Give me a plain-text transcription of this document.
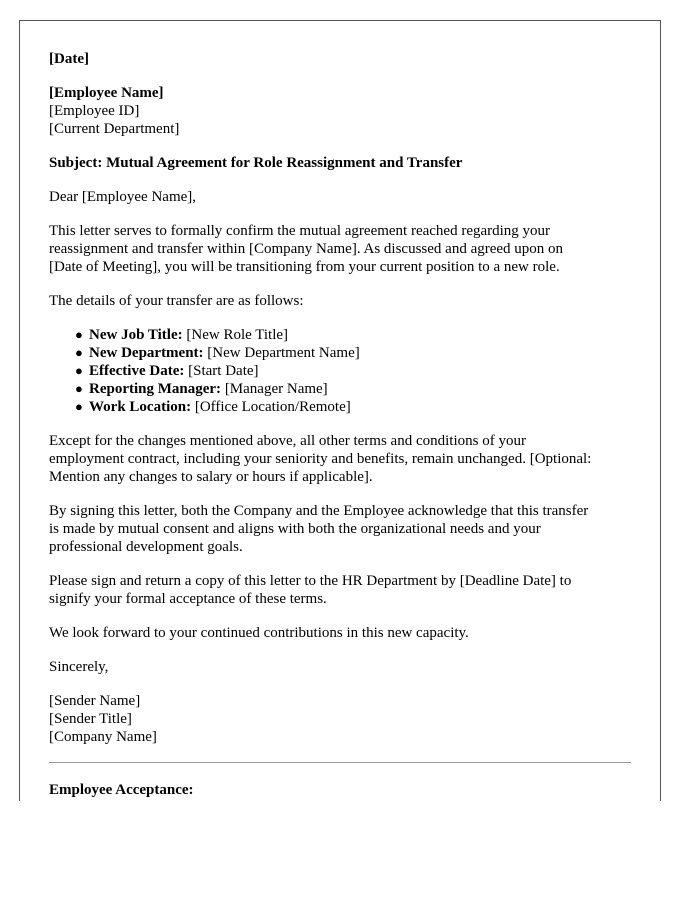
[Date]
[Employee Name]
[Employee ID]
[Current Department]
Subject: Mutual Agreement for Role Reassignment and Transfer
Dear [Employee Name],
This letter serves to formally confirm the mutual agreement reached regarding your
reassignment and transfer within [Company Name]. As discussed and agreed upon on
[Date of Meeting], you will be transitioning from your current position to a new role.
The details of your transfer are as follows:
● New Job Title: [New Role Title]
● New Department: [New Department Name]
● Effective Date: [Start Date]
● Reporting Manager: [Manager Name]
● Work Location: [Office Location/Remote]
Except for the changes mentioned above, all other terms and conditions of your
employment contract, including your seniority and benefits, remain unchanged. [Optional:
Mention any changes to salary or hours if applicable].
By signing this letter, both the Company and the Employee acknowledge that this transfer
is made by mutual consent and aligns with both the organizational needs and your
professional development goals.
Please sign and return a copy of this letter to the HR Department by [Deadline Date] to
signify your formal acceptance of these terms.
We look forward to your continued contributions in this new capacity.
Sincerely,
[Sender Name]
[Sender Title]
[Company Name]
Employee Acceptance:
